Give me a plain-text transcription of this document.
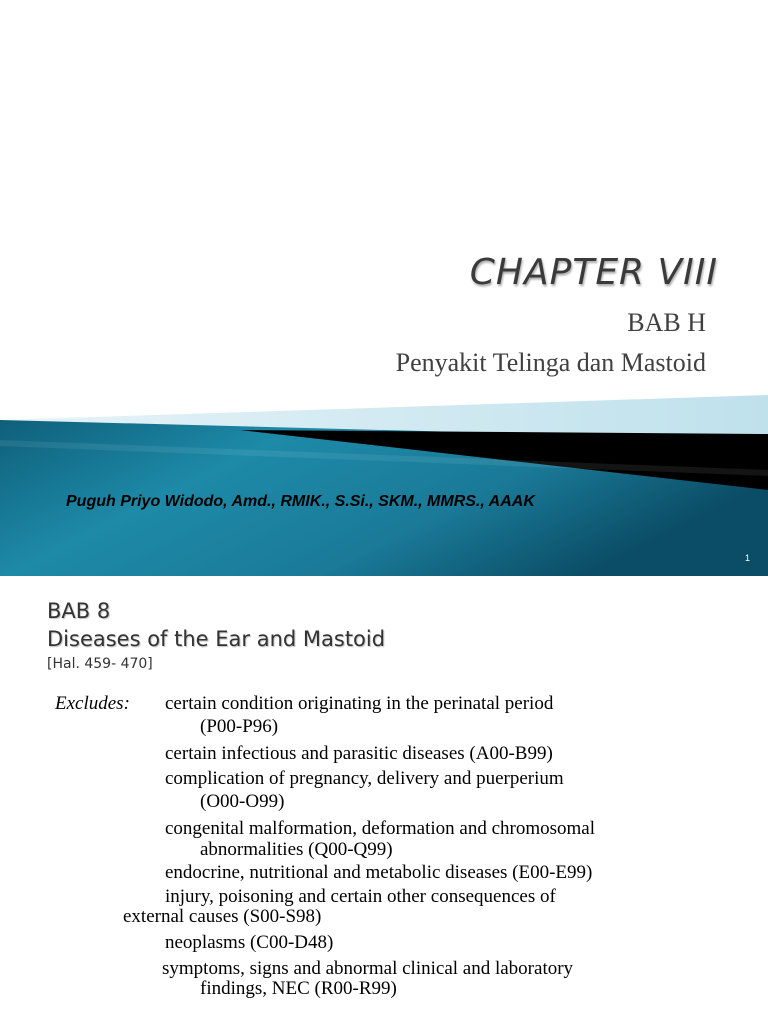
CHAPTER VIII
BAB H
Penyakit Telinga dan Mastoid
Puguh Priyo Widodo, Amd., RMIK., S.Si., SKM., MMRS., AAAK
1
BAB 8
Diseases of the Ear and Mastoid
[Hal. 459- 470]
Excludes: certain condition originating in the perinatal period
(P00-P96)
certain infectious and parasitic diseases (A00-B99)
complication of pregnancy, delivery and puerperium
(O00-O99)
congenital malformation, deformation and chromosomal
abnormalities (Q00-Q99)
endocrine, nutritional and metabolic diseases (E00-E99)
injury, poisoning and certain other consequences of
external causes (S00-S98)
neoplasms (C00-D48)
symptoms, signs and abnormal clinical and laboratory
findings, NEC (R00-R99)
